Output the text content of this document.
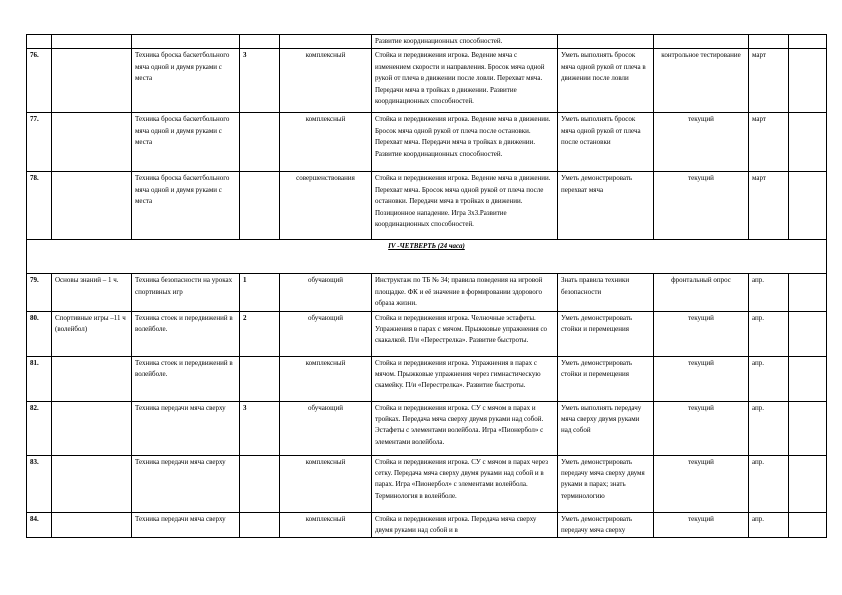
					Развитие координационных способностей.				
76.		Техника броска баскетбольного мяча одной и двумя руками с места	3	комплексный	Стойка и передвижения игрока. Ведение мяча с изменением скорости и направления. Бросок мяча одной рукой от плеча в движении после ловли. Перехват мяча. Передачи мяча в тройках в движении. Развитие координационных способностей.	Уметь выполнять бросок мяча одной рукой от плеча в движении после ловли	контрольное тестирование	март	
77.		Техника броска баскетбольного мяча одной и двумя руками с места		комплексный	Стойка и передвижения игрока. Ведение мяча в движении. Бросок мяча одной рукой от плеча после остановки. Перехват мяча. Передачи мяча в тройках в движении. Развитие координационных способностей.	Уметь выполнять бросок мяча одной рукой от плеча после остановки	текущий	март	
78.		Техника броска баскетбольного мяча одной и двумя руками с места		совершенствования	Стойка и передвижения игрока. Ведение мяча в движении. Перехват мяча. Бросок мяча одной рукой от плеча после остановки. Передачи мяча в тройках в движении. Позиционное нападение. Игра 3х3.Развитие координационных способностей.	Уметь демонстрировать перехват мяча	текущий	март	
IV -ЧЕТВЕРТЬ (24 часа)									
79.	Основы знаний – 1 ч.	Техника безопасности на уроках спортивных игр	1	обучающий	Инструктаж по ТБ № 34; правила поведения на игровой площадке. ФК и её значение в формировании здорового образа жизни.	Знать правила техники безопасности	фронтальный опрос	апр.	
80.	Спортивные игры –11 ч (волейбол)	Техника стоек и передвижений в волейболе.	2	обучающий	Стойка и передвижения игрока. Челночные эстафеты. Упражнения в парах с мячом. Прыжковые упражнения со скакалкой. П/и «Перестрелка». Развитие быстроты.	Уметь демонстрировать стойки и перемещения	текущий	апр.	
81.		Техника стоек и передвижений в волейболе.		комплексный	Стойка и передвижения игрока. Упражнения в парах с мячом. Прыжковые упражнения через гимнастическую скамейку. П/и «Перестрелка». Развитие быстроты.	Уметь демонстрировать стойки и перемещения	текущий	апр.	
82.		Техника передачи мяча сверху	3	обучающий	Стойка и передвижения игрока. СУ с мячом в парах и тройках. Передача мяча сверху двумя руками над собой. Эстафеты с элементами волейбола. Игра «Пионербол» с элементами волейбола.	Уметь выполнять передачу мяча сверху двумя руками над собой	текущий	апр.	
83.		Техника передачи мяча сверху		комплексный	Стойка и передвижения игрока. СУ с мячом в парах через сетку. Передача мяча сверху двумя руками над собой и в парах. Игра «Пионербол» с элементами волейбола. Терминология в волейболе.	Уметь демонстрировать передачу мяча сверху двумя руками в парах; знать терминологию	текущий	апр.	
84.		Техника передачи мяча сверху		комплексный	Стойка и передвижения игрока. Передача мяча сверху двумя руками над собой и в	Уметь демонстрировать передачу мяча сверху	текущий	апр.	
